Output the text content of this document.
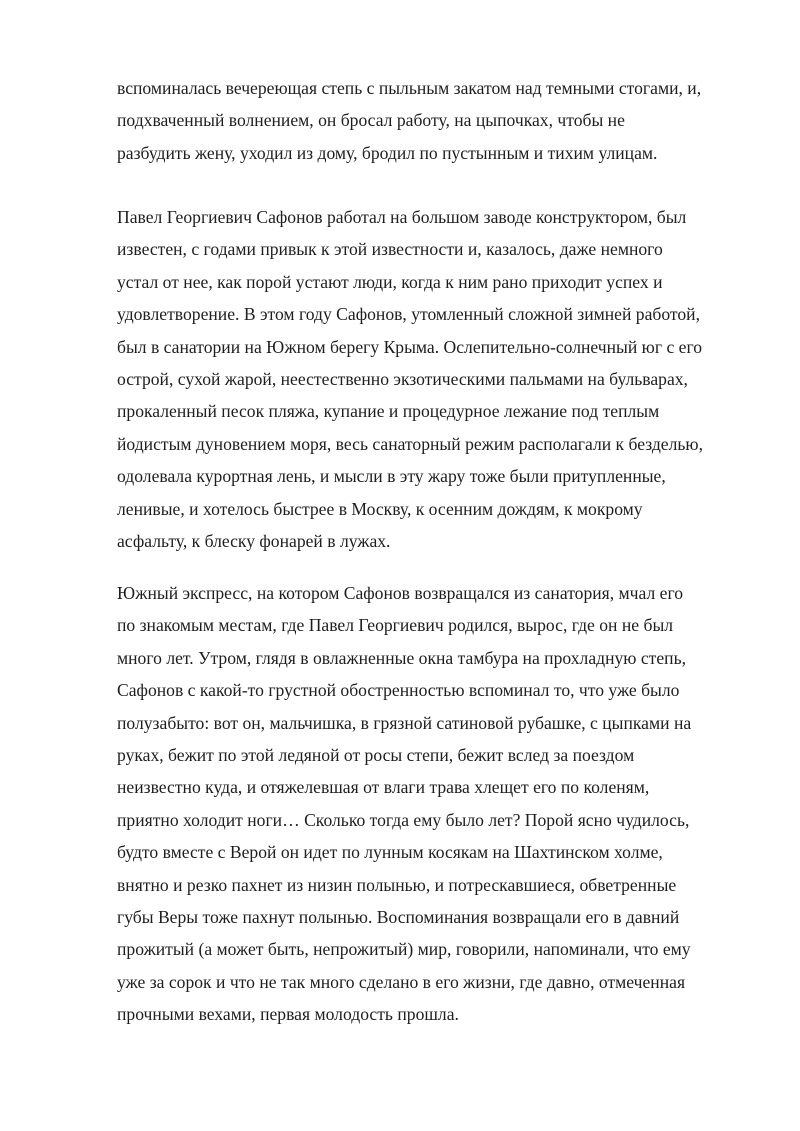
вспоминалась вечереющая степь с пыльным закатом над темными стогами, и,
подхваченный волнением, он бросал работу, на цыпочках, чтобы не
разбудить жену, уходил из дому, бродил по пустынным и тихим улицам.
Павел Георгиевич Сафонов работал на большом заводе конструктором, был
известен, с годами привык к этой известности и, казалось, даже немного
устал от нее, как порой устают люди, когда к ним рано приходит успех и
удовлетворение. В этом году Сафонов, утомленный сложной зимней работой,
был в санатории на Южном берегу Крыма. Ослепительно-солнечный юг с его
острой, сухой жарой, неестественно экзотическими пальмами на бульварах,
прокаленный песок пляжа, купание и процедурное лежание под теплым
йодистым дуновением моря, весь санаторный режим располагали к безделью,
одолевала курортная лень, и мысли в эту жару тоже были притупленные,
ленивые, и хотелось быстрее в Москву, к осенним дождям, к мокрому
асфальту, к блеску фонарей в лужах.
Южный экспресс, на котором Сафонов возвращался из санатория, мчал его
по знакомым местам, где Павел Георгиевич родился, вырос, где он не был
много лет. Утром, глядя в овлажненные окна тамбура на прохладную степь,
Сафонов с какой-то грустной обостренностью вспоминал то, что уже было
полузабыто: вот он, мальчишка, в грязной сатиновой рубашке, с цыпками на
руках, бежит по этой ледяной от росы степи, бежит вслед за поездом
неизвестно куда, и отяжелевшая от влаги трава хлещет его по коленям,
приятно холодит ноги… Сколько тогда ему было лет? Порой ясно чудилось,
будто вместе с Верой он идет по лунным косякам на Шахтинском холме,
внятно и резко пахнет из низин полынью, и потрескавшиеся, обветренные
губы Веры тоже пахнут полынью. Воспоминания возвращали его в давний
прожитый (а может быть, непрожитый) мир, говорили, напоминали, что ему
уже за сорок и что не так много сделано в его жизни, где давно, отмеченная
прочными вехами, первая молодость прошла.
